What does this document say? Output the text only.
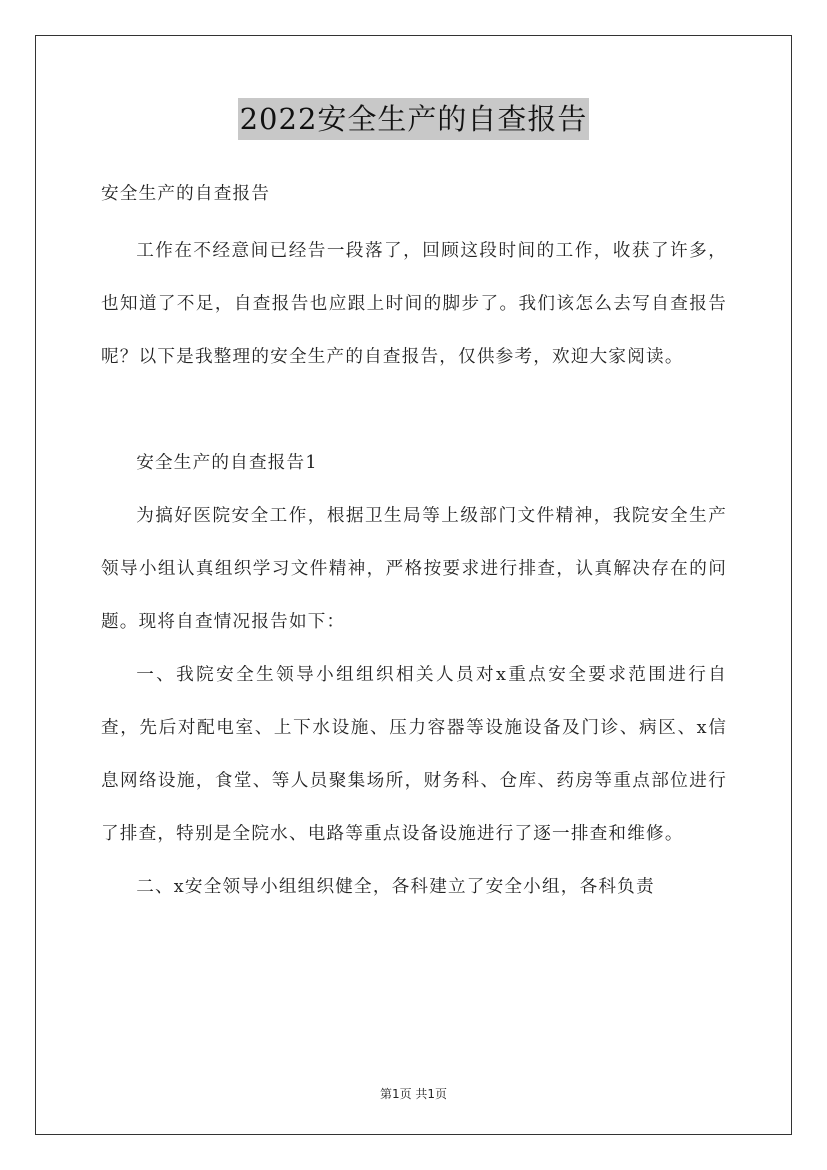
2022安全生产的自查报告
安全生产的自查报告

工作在不经意间已经告一段落了，回顾这段时间的工作，收获了许多，也知道了不足，自查报告也应跟上时间的脚步了。我们该怎么去写自查报告呢？以下是我整理的安全生产的自查报告，仅供参考，欢迎大家阅读。

安全生产的自查报告1

为搞好医院安全工作，根据卫生局等上级部门文件精神，我院安全生产领导小组认真组织学习文件精神，严格按要求进行排查，认真解决存在的问题。现将自查情况报告如下：

一、我院安全生领导小组组织相关人员对x重点安全要求范围进行自查，先后对配电室、上下水设施、压力容器等设施设备及门诊、病区、x信息网络设施，食堂、等人员聚集场所，财务科、仓库、药房等重点部位进行了排查，特别是全院水、电路等重点设备设施进行了逐一排查和维修。

二、x安全领导小组组织健全，各科建立了安全小组，各科负责

第1页 共1页
